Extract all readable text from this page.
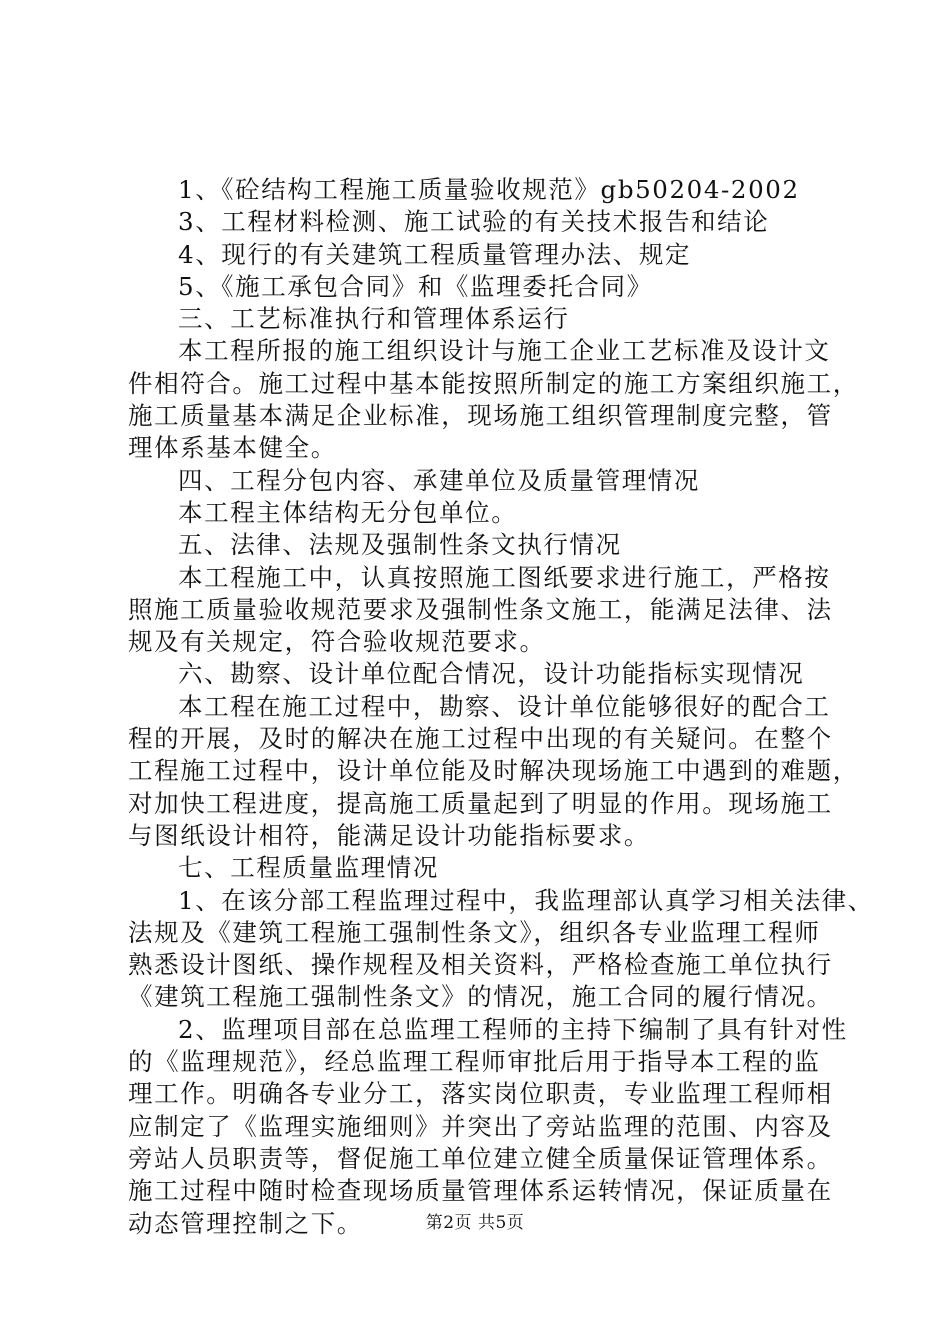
1、《砼结构工程施工质量验收规范》gb50204-2002
3、工程材料检测、施工试验的有关技术报告和结论
4、现行的有关建筑工程质量管理办法、规定
5、《施工承包合同》和《监理委托合同》
三、工艺标准执行和管理体系运行
本工程所报的施工组织设计与施工企业工艺标准及设计文
件相符合。施工过程中基本能按照所制定的施工方案组织施工，
施工质量基本满足企业标准，现场施工组织管理制度完整，管
理体系基本健全。
四、工程分包内容、承建单位及质量管理情况
本工程主体结构无分包单位。
五、法律、法规及强制性条文执行情况
本工程施工中，认真按照施工图纸要求进行施工，严格按
照施工质量验收规范要求及强制性条文施工，能满足法律、法
规及有关规定，符合验收规范要求。
六、勘察、设计单位配合情况，设计功能指标实现情况
本工程在施工过程中，勘察、设计单位能够很好的配合工
程的开展，及时的解决在施工过程中出现的有关疑问。在整个
工程施工过程中，设计单位能及时解决现场施工中遇到的难题，
对加快工程进度，提高施工质量起到了明显的作用。现场施工
与图纸设计相符，能满足设计功能指标要求。
七、工程质量监理情况
1、在该分部工程监理过程中，我监理部认真学习相关法律、
法规及《建筑工程施工强制性条文》，组织各专业监理工程师
熟悉设计图纸、操作规程及相关资料，严格检查施工单位执行
《建筑工程施工强制性条文》的情况，施工合同的履行情况。
2、监理项目部在总监理工程师的主持下编制了具有针对性
的《监理规范》，经总监理工程师审批后用于指导本工程的监
理工作。明确各专业分工，落实岗位职责，专业监理工程师相
应制定了《监理实施细则》并突出了旁站监理的范围、内容及
旁站人员职责等，督促施工单位建立健全质量保证管理体系。
施工过程中随时检查现场质量管理体系运转情况，保证质量在
动态管理控制之下。	第2页 共5页
